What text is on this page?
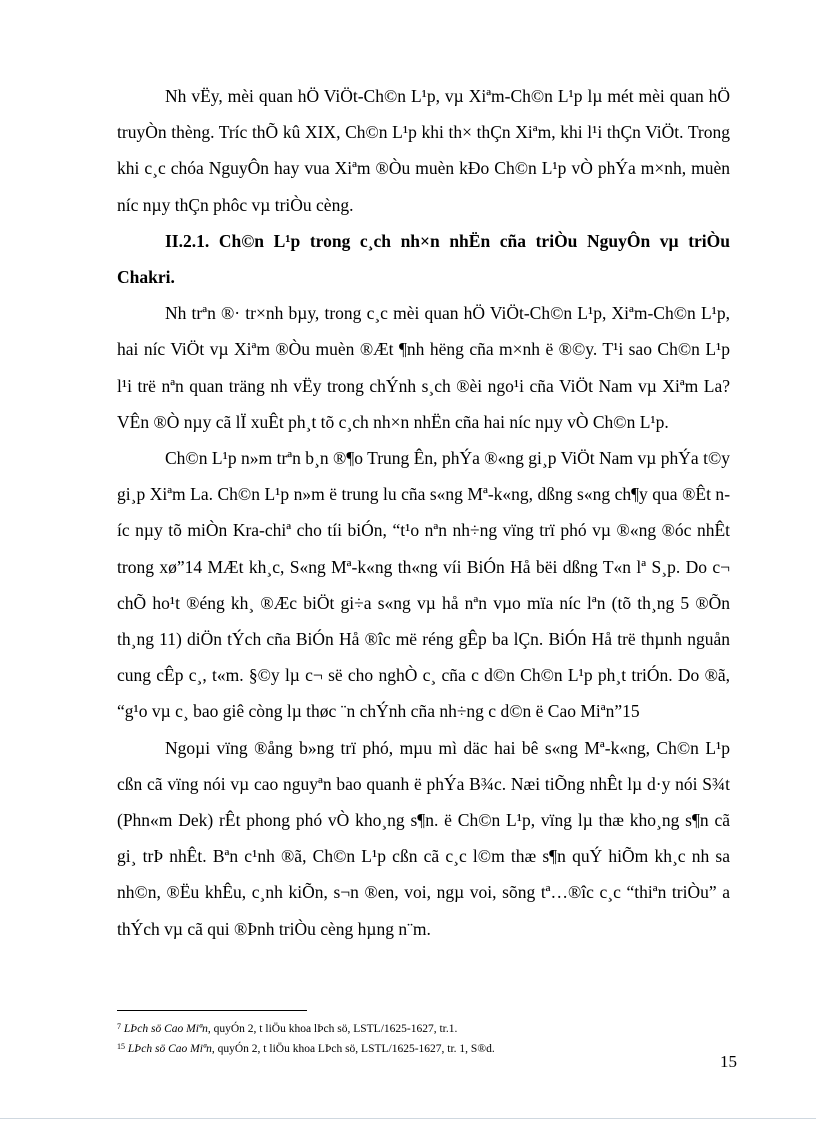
Nh vËy, mèi quan hÖ ViÖt-Ch©n L¹p, vµ Xiªm-Ch©n L¹p lµ mét mèi quan hÖ truyÒn thèng. Tríc thÕ kû XIX, Ch©n L¹p khi th× thÇn Xiªm, khi l¹i thÇn ViÖt. Trong khi c¸c chóa NguyÔn hay vua Xiªm ®Òu muèn kÐo Ch©n L¹p vÒ phÝa m×nh, muèn níc nµy thÇn phôc vµ triÒu cèng.

II.2.1. Ch©n L¹p trong c¸ch nh×n nhËn cña triÒu NguyÔn vµ triÒu Chakri.

Nh trªn ®· tr×nh bµy, trong c¸c mèi quan hÖ ViÖt-Ch©n L¹p, Xiªm-Ch©n L¹p, hai níc ViÖt vµ Xiªm ®Òu muèn ®Æt ¶nh hëng cña m×nh ë ®©y. T¹i sao Ch©n L¹p l¹i trë nªn quan träng nh vËy trong chÝnh s¸ch ®èi ngo¹i cña ViÖt Nam vµ Xiªm La? VÊn ®Ò nµy cã lÏ xuÊt ph¸t tõ c¸ch nh×n nhËn cña hai níc nµy vÒ Ch©n L¹p.

Ch©n L¹p n»m trªn b¸n ®¶o Trung Ên, phÝa ®«ng gi¸p ViÖt Nam vµ phÝa t©y gi¸p Xiªm La. Ch©n L¹p n»m ë trung lu cña s«ng Mª-k«ng, dßng s«ng ch¶y qua ®Êt níc nµy tõ miÒn Kra-chiª cho tíi biÓn, “t¹o nªn nh÷ng vïng trï phó vµ ®«ng ®óc nhÊt trong xø”14 MÆt kh¸c, S«ng Mª-k«ng th«ng víi BiÓn Hå bëi dßng T«n lª S¸p. Do c¬ chÕ ho¹t ®éng kh¸ ®Æc biÖt gi÷a s«ng vµ hå nªn vµo mïa níc lªn (tõ th¸ng 5 ®Õn th¸ng 11) diÖn tÝch cña BiÓn Hå ®îc më réng gÊp ba lÇn. BiÓn Hå trë thµnh nguån cung cÊp c¸, t«m. §©y lµ c¬ së cho nghÒ c¸ cña c d©n Ch©n L¹p ph¸t triÓn. Do ®ã, “g¹o vµ c¸ bao giê còng lµ thøc ¨n chÝnh cña nh÷ng c d©n ë Cao Miªn”15

Ngoµi vïng ®ång b»ng trï phó, mµu mì däc hai bê s«ng Mª-k«ng, Ch©n L¹p cßn cã vïng nói vµ cao nguyªn bao quanh ë phÝa B¾c. Næi tiÕng nhÊt lµ d·y nói S¾t (Phn«m Dek) rÊt phong phó vÒ kho¸ng s¶n. ë Ch©n L¹p, vïng lµ thæ kho¸ng s¶n cã gi¸ trÞ nhÊt. Bªn c¹nh ®ã, Ch©n L¹p cßn cã c¸c l©m thæ s¶n quÝ hiÕm kh¸c nh sa nh©n, ®Ëu khÊu, c¸nh kiÕn, s¬n ®en, voi, ngµ voi, sõng tª…®îc c¸c “thiªn triÒu” a thÝch vµ cã qui ®Þnh triÒu cèng hµng n¨m.

$^7$ LÞch sö Cao Miªn, quyÓn 2, t liÖu khoa lÞch sö, LSTL/1625-1627, tr.1.

$^{15}$ LÞch sö Cao Miªn, quyÓn 2, t liÖu khoa LÞch sö, LSTL/1625-1627, tr. 1, S®d.

15
